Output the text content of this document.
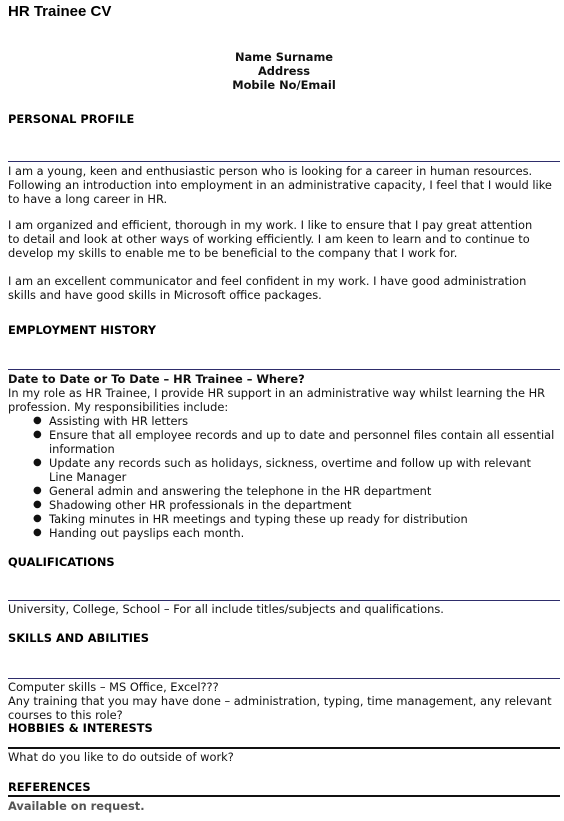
HR Trainee CV
Name Surname
Address
Mobile No/Email
PERSONAL PROFILE
I am a young, keen and enthusiastic person who is looking for a career in human resources.
Following an introduction into employment in an administrative capacity, I feel that I would like
to have a long career in HR.
I am organized and efficient, thorough in my work. I like to ensure that I pay great attention
to detail and look at other ways of working efficiently. I am keen to learn and to continue to
develop my skills to enable me to be beneficial to the company that I work for.
I am an excellent communicator and feel confident in my work. I have good administration
skills and have good skills in Microsoft office packages.
EMPLOYMENT HISTORY
Date to Date or To Date – HR Trainee – Where?
In my role as HR Trainee, I provide HR support in an administrative way whilst learning the HR
profession. My responsibilities include:
● Assisting with HR letters
● Ensure that all employee records and up to date and personnel files contain all essential
information
● Update any records such as holidays, sickness, overtime and follow up with relevant
Line Manager
● General admin and answering the telephone in the HR department
● Shadowing other HR professionals in the department
● Taking minutes in HR meetings and typing these up ready for distribution
● Handing out payslips each month.
QUALIFICATIONS
University, College, School – For all include titles/subjects and qualifications.
SKILLS AND ABILITIES
Computer skills – MS Office, Excel???
Any training that you may have done – administration, typing, time management, any relevant
courses to this role?
HOBBIES & INTERESTS
What do you like to do outside of work?
REFERENCES
Available on request.
